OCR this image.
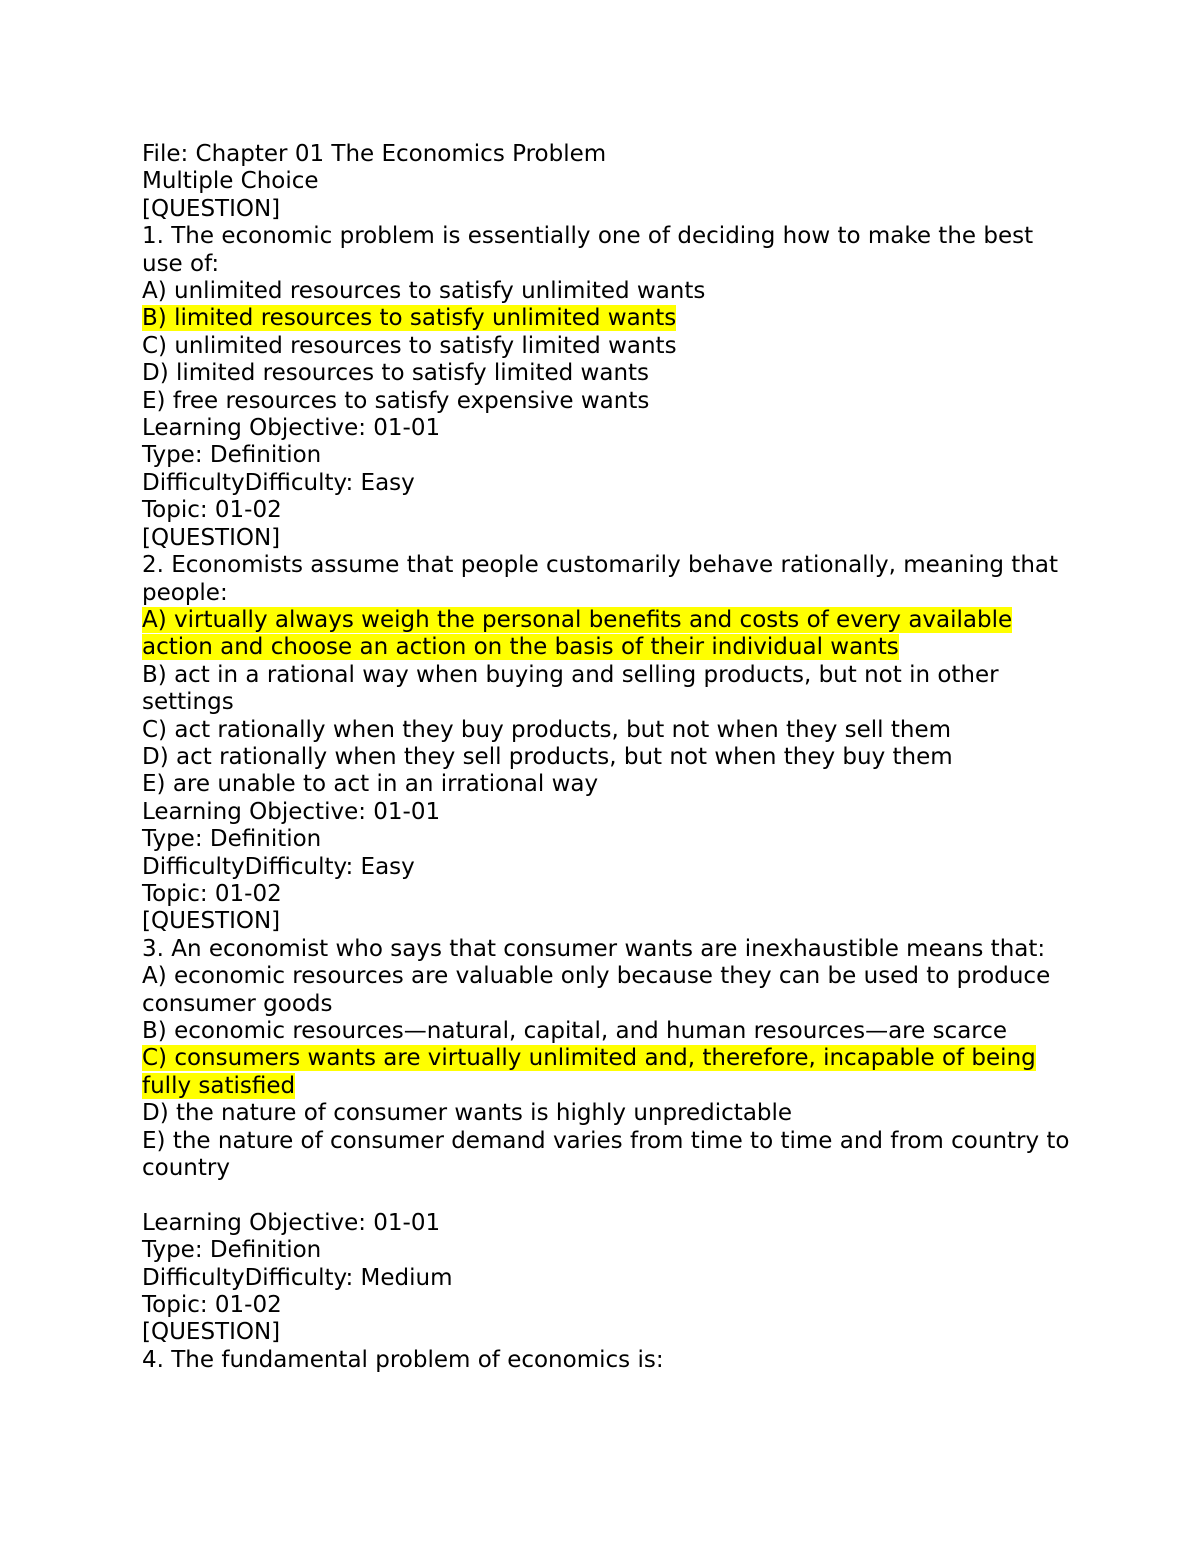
File: Chapter 01 The Economics Problem
Multiple Choice
[QUESTION]
1. The economic problem is essentially one of deciding how to make the best use of:
A) unlimited resources to satisfy unlimited wants
B) limited resources to satisfy unlimited wants
C) unlimited resources to satisfy limited wants
D) limited resources to satisfy limited wants
E) free resources to satisfy expensive wants
Learning Objective: 01-01
Type: Definition
DifficultyDifficulty: Easy
Topic: 01-02
[QUESTION]
2. Economists assume that people customarily behave rationally, meaning that people:
A) virtually always weigh the personal benefits and costs of every available action and choose an action on the basis of their individual wants
B) act in a rational way when buying and selling products, but not in other settings
C) act rationally when they buy products, but not when they sell them
D) act rationally when they sell products, but not when they buy them
E) are unable to act in an irrational way
Learning Objective: 01-01
Type: Definition
DifficultyDifficulty: Easy
Topic: 01-02
[QUESTION]
3. An economist who says that consumer wants are inexhaustible means that:
A) economic resources are valuable only because they can be used to produce consumer goods
B) economic resources—natural, capital, and human resources—are scarce
C) consumers wants are virtually unlimited and, therefore, incapable of being fully satisfied
D) the nature of consumer wants is highly unpredictable
E) the nature of consumer demand varies from time to time and from country to country
Learning Objective: 01-01
Type: Definition
DifficultyDifficulty: Medium
Topic: 01-02
[QUESTION]
4. The fundamental problem of economics is:
